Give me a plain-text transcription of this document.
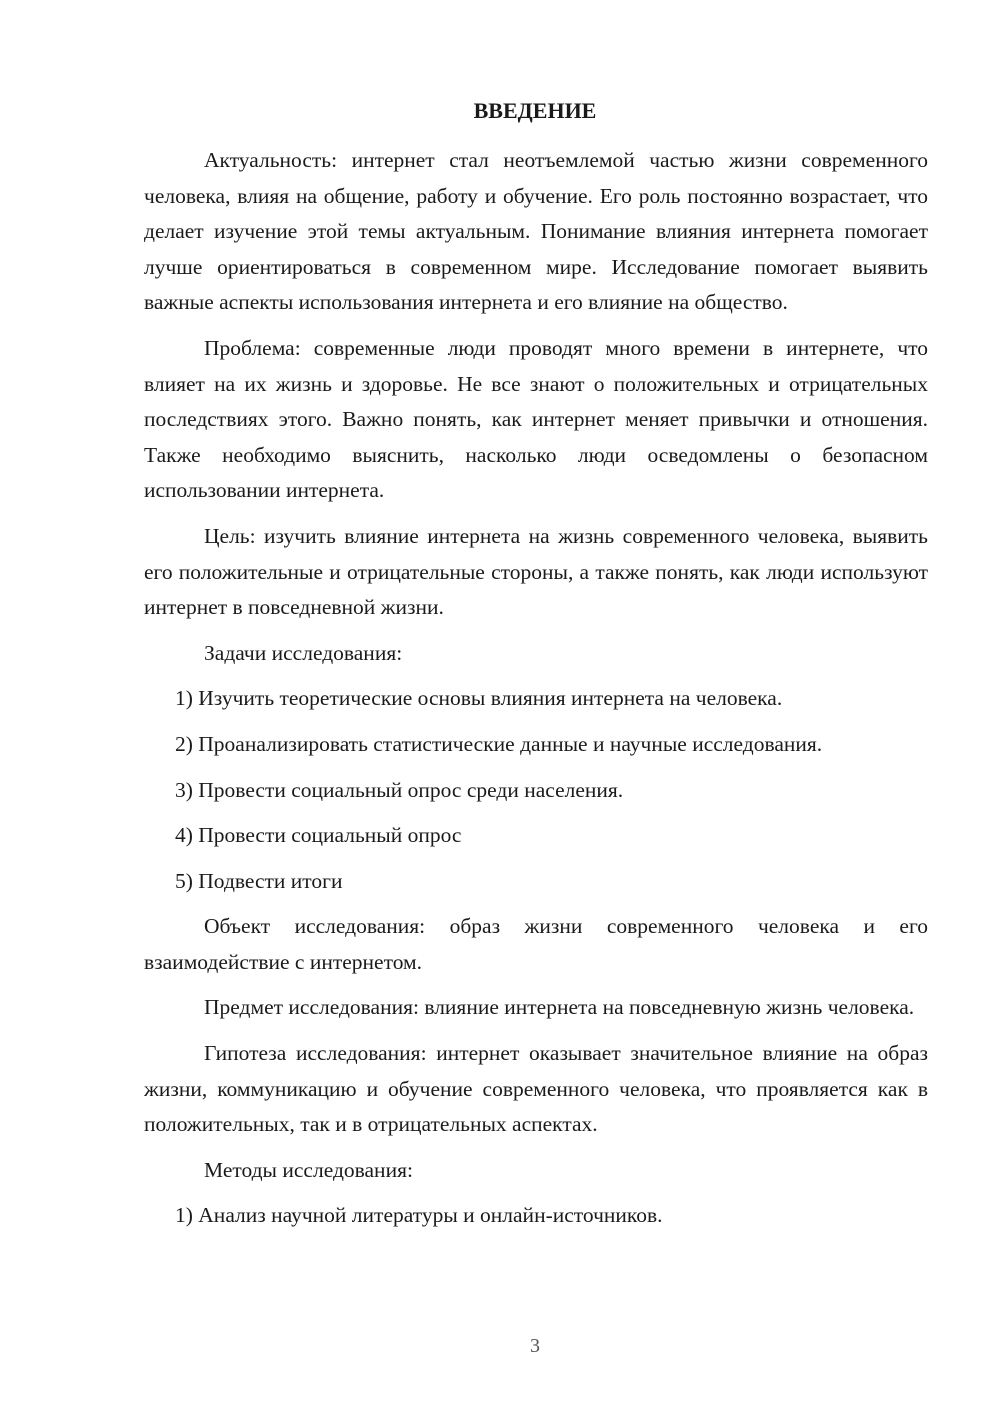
ВВЕДЕНИЕ

Актуальность: интернет стал неотъемлемой частью жизни современного человека, влияя на общение, работу и обучение. Его роль постоянно возрастает, что делает изучение этой темы актуальным. Понимание влияния интернета помогает лучше ориентироваться в современном мире. Исследование помогает выявить важные аспекты использования интернета и его влияние на общество.

Проблема: современные люди проводят много времени в интернете, что влияет на их жизнь и здоровье. Не все знают о положительных и отрицательных последствиях этого. Важно понять, как интернет меняет привычки и отношения. Также необходимо выяснить, насколько люди осведомлены о безопасном использовании интернета.

Цель: изучить влияние интернета на жизнь современного человека, выявить его положительные и отрицательные стороны, а также понять, как люди используют интернет в повседневной жизни.

Задачи исследования:

1) Изучить теоретические основы влияния интернета на человека.

2) Проанализировать статистические данные и научные исследования.

3) Провести социальный опрос среди населения.

4) Провести социальный опрос

5) Подвести итоги

Объект исследования: образ жизни современного человека и его взаимодействие с интернетом.

Предмет исследования: влияние интернета на повседневную жизнь человека.

Гипотеза исследования: интернет оказывает значительное влияние на образ жизни, коммуникацию и обучение современного человека, что проявляется как в положительных, так и в отрицательных аспектах.

Методы исследования:

1) Анализ научной литературы и онлайн-источников.

3
